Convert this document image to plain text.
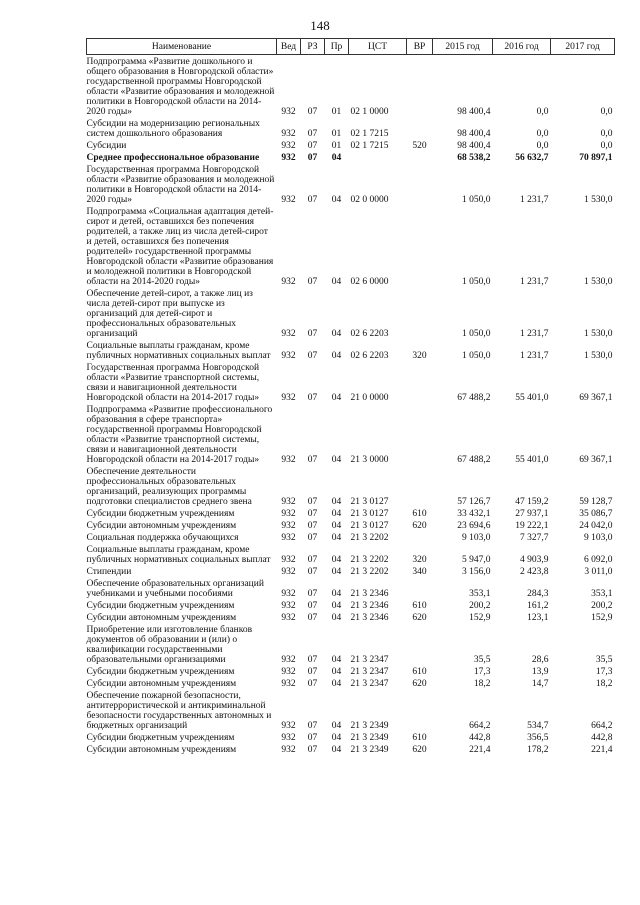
148
Наименование	Вед	РЗ	Пр	ЦСТ	ВР	2015 год	2016 год	2017 год
Подпрограмма «Развитие дошкольного и общего образования в Новгородской области» государственной программы Новгородской области «Развитие образования и молодежной политики в Новгородской области на 2014-2020 годы»	932	07	01	02 1 0000		98 400,4	0,0	0,0
Субсидии на модернизацию региональных систем дошкольного образования	932	07	01	02 1 7215		98 400,4	0,0	0,0
Субсидии	932	07	01	02 1 7215	520	98 400,4	0,0	0,0
Среднее профессиональное образование	932	07	04			68 538,2	56 632,7	70 897,1
Государственная программа Новгородской области «Развитие образования и молодежной политики в Новгородской области на 2014-2020 годы»	932	07	04	02 0 0000		1 050,0	1 231,7	1 530,0
Подпрограмма «Социальная адаптация детей-сирот и детей, оставшихся без попечения родителей, а также лиц из числа детей-сирот и детей, оставшихся без попечения родителей» государственной программы Новгородской области «Развитие образования и молодежной политики в Новгородской области на 2014-2020 годы»	932	07	04	02 6 0000		1 050,0	1 231,7	1 530,0
Обеспечение детей-сирот, а также лиц из числа детей-сирот при выпуске из организаций для детей-сирот и профессиональных образовательных организаций	932	07	04	02 6 2203		1 050,0	1 231,7	1 530,0
Социальные выплаты гражданам, кроме публичных нормативных социальных выплат	932	07	04	02 6 2203	320	1 050,0	1 231,7	1 530,0
Государственная программа Новгородской области «Развитие транспортной системы, связи и навигационной деятельности Новгородской области на 2014-2017 годы»	932	07	04	21 0 0000		67 488,2	55 401,0	69 367,1
Подпрограмма «Развитие профессионального образования в сфере транспорта» государственной программы Новгородской области «Развитие транспортной системы, связи и навигационной деятельности Новгородской области на 2014-2017 годы»	932	07	04	21 3 0000		67 488,2	55 401,0	69 367,1
Обеспечение деятельности профессиональных образовательных организаций, реализующих программы подготовки специалистов среднего звена	932	07	04	21 3 0127		57 126,7	47 159,2	59 128,7
Субсидии бюджетным учреждениям	932	07	04	21 3 0127	610	33 432,1	27 937,1	35 086,7
Субсидии автономным учреждениям	932	07	04	21 3 0127	620	23 694,6	19 222,1	24 042,0
Социальная поддержка обучающихся	932	07	04	21 3 2202		9 103,0	7 327,7	9 103,0
Социальные выплаты гражданам, кроме публичных нормативных социальных выплат	932	07	04	21 3 2202	320	5 947,0	4 903,9	6 092,0
Стипендии	932	07	04	21 3 2202	340	3 156,0	2 423,8	3 011,0
Обеспечение образовательных организаций учебниками и учебными пособиями	932	07	04	21 3 2346		353,1	284,3	353,1
Субсидии бюджетным учреждениям	932	07	04	21 3 2346	610	200,2	161,2	200,2
Субсидии автономным учреждениям	932	07	04	21 3 2346	620	152,9	123,1	152,9
Приобретение или изготовление бланков документов об образовании и (или) о квалификации государственными образовательными организациями	932	07	04	21 3 2347		35,5	28,6	35,5
Субсидии бюджетным учреждениям	932	07	04	21 3 2347	610	17,3	13,9	17,3
Субсидии автономным учреждениям	932	07	04	21 3 2347	620	18,2	14,7	18,2
Обеспечение пожарной безопасности, антитеррористической и антикриминальной безопасности государственных автономных и бюджетных организаций	932	07	04	21 3 2349		664,2	534,7	664,2
Субсидии бюджетным учреждениям	932	07	04	21 3 2349	610	442,8	356,5	442,8
Субсидии автономным учреждениям	932	07	04	21 3 2349	620	221,4	178,2	221,4
